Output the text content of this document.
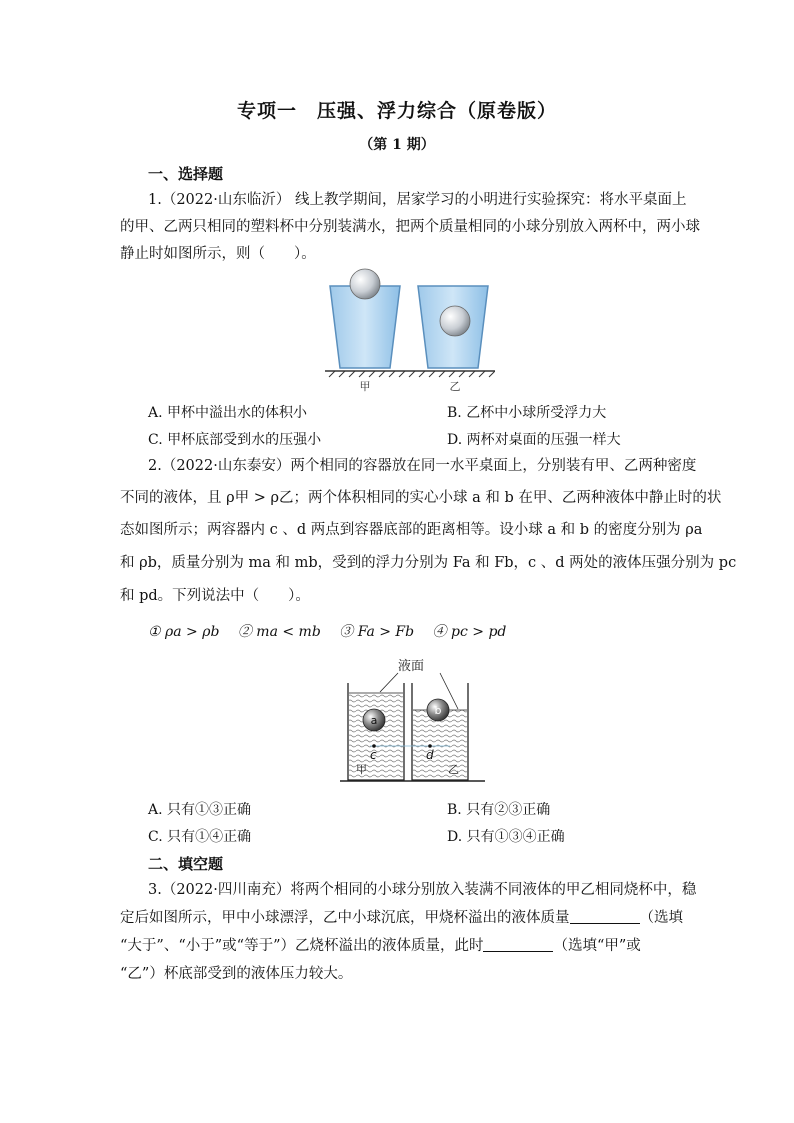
专项一　压强、浮力综合（原卷版）
（第 1 期）
一、选择题
1.（2022·山东临沂） 线上教学期间，居家学习的小明进行实验探究：将水平桌面上
的甲、乙两只相同的塑料杯中分别装满水，把两个质量相同的小球分别放入两杯中，两小球
静止时如图所示，则（　　）。
甲	乙
A. 甲杯中溢出水的体积小	B. 乙杯中小球所受浮力大
C. 甲杯底部受到水的压强小	D. 两杯对桌面的压强一样大
2.（2022·山东泰安）两个相同的容器放在同一水平桌面上，分别装有甲、乙两种密度
不同的液体，且 ρ甲 > ρ乙；两个体积相同的实心小球 a 和 b 在甲、乙两种液体中静止时的状
态如图所示；两容器内 c 、d 两点到容器底部的距离相等。设小球 a 和 b 的密度分别为 ρa
和 ρb，质量分别为 ma 和 mb，受到的浮力分别为 Fa 和 Fb，c 、d 两处的液体压强分别为 pc
和 pd。下列说法中（　　）。
① ρa > ρb　 ② ma < mb　 ③ Fa > Fb　 ④ pc > pd
液面
a
b
c	d
甲	乙
A. 只有①③正确	B. 只有②③正确
C. 只有①④正确	D. 只有①③④正确
二、填空题
3.（2022·四川南充）将两个相同的小球分别放入装满不同液体的甲乙相同烧杯中，稳
定后如图所示，甲中小球漂浮，乙中小球沉底，甲烧杯溢出的液体质量	（选填
“大于”、“小于”或“等于”）乙烧杯溢出的液体质量，此时	（选填“甲”或
“乙”）杯底部受到的液体压力较大。
